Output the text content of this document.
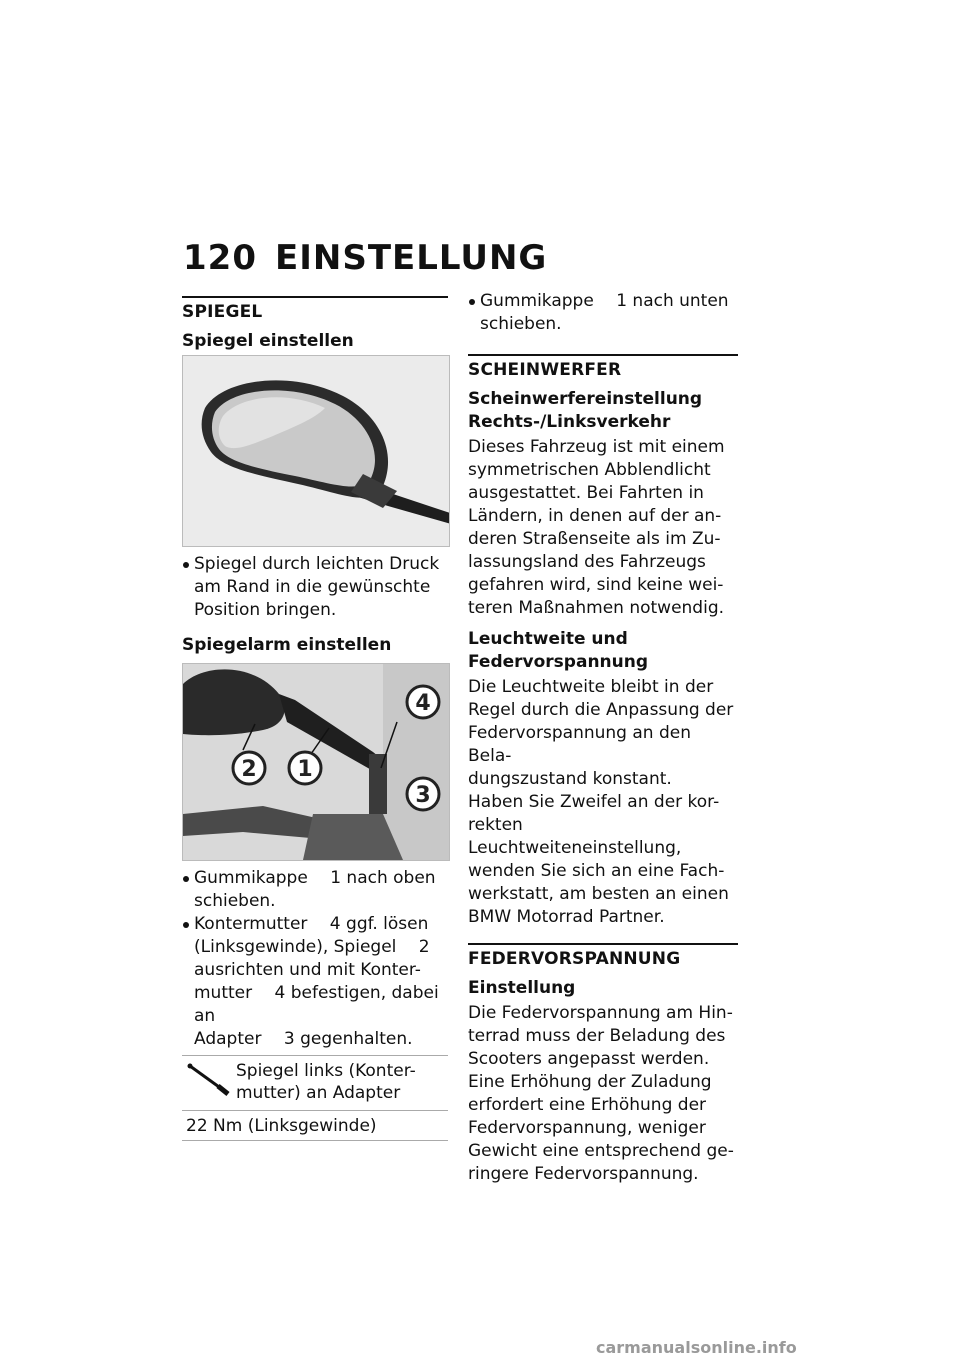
120 EINSTELLUNG
SPIEGEL
Spiegel einstellen
Spiegel durch leichten Druck
am Rand in die gewünschte
Position bringen.
Spiegelarm einstellen
1
2
3
4
Gummikappe  1 nach oben
schieben.
Kontermutter  4 ggf. lösen
(Linksgewinde), Spiegel  2
ausrichten und mit Konter-
mutter  4 befestigen, dabei an
Adapter  3 gegenhalten.
Spiegel links (Konter-
mutter) an Adapter
22 Nm (Linksgewinde)
Gummikappe  1 nach unten
schieben.
SCHEINWERFER
Scheinwerfereinstellung
Rechts-/Linksverkehr
Dieses Fahrzeug ist mit einem
symmetrischen Abblendlicht
ausgestattet. Bei Fahrten in
Ländern, in denen auf der an-
deren Straßenseite als im Zu-
lassungsland des Fahrzeugs
gefahren wird, sind keine wei-
teren Maßnahmen notwendig.
Leuchtweite und
Federvorspannung
Die Leuchtweite bleibt in der
Regel durch die Anpassung der
Federvorspannung an den Bela-
dungszustand konstant.
Haben Sie Zweifel an der kor-
rekten Leuchtweiteneinstellung,
wenden Sie sich an eine Fach-
werkstatt, am besten an einen
BMW Motorrad Partner.
FEDERVORSPANNUNG
Einstellung
Die Federvorspannung am Hin-
terrad muss der Beladung des
Scooters angepasst werden.
Eine Erhöhung der Zuladung
erfordert eine Erhöhung der
Federvorspannung, weniger
Gewicht eine entsprechend ge-
ringere Federvorspannung.
carmanualsonline.info
